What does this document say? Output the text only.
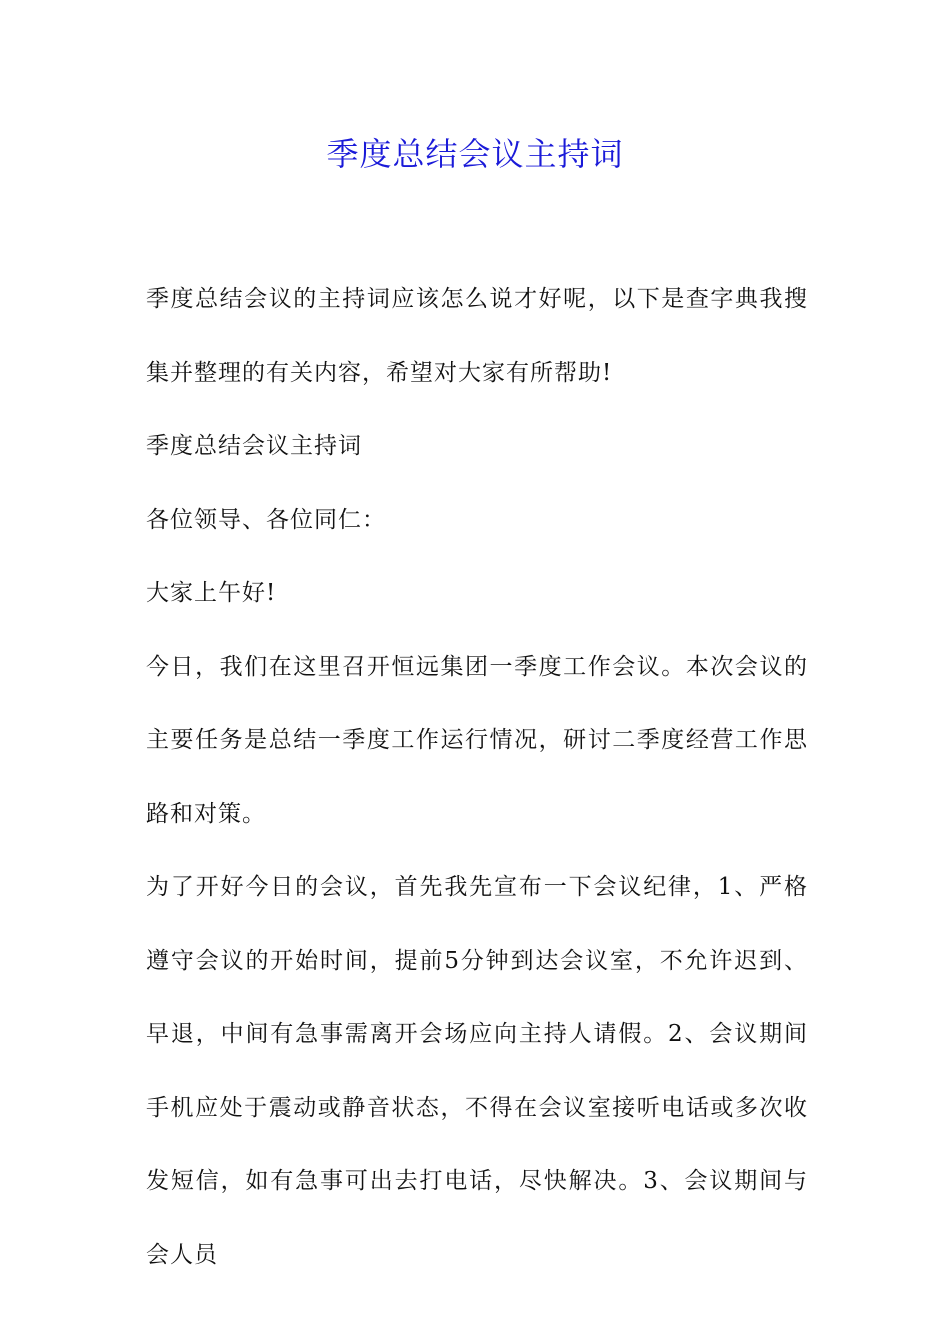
季度总结会议主持词

季度总结会议的主持词应该怎么说才好呢，以下是查字典我搜集并整理的有关内容，希望对大家有所帮助!

季度总结会议主持词

各位领导、各位同仁：

大家上午好!

今日，我们在这里召开恒远集团一季度工作会议。本次会议的主要任务是总结一季度工作运行情况，研讨二季度经营工作思路和对策。

为了开好今日的会议，首先我先宣布一下会议纪律，1、严格遵守会议的开始时间，提前5分钟到达会议室，不允许迟到、早退，中间有急事需离开会场应向主持人请假。2、会议期间手机应处于震动或静音状态，不得在会议室接听电话或多次收发短信，如有急事可出去打电话，尽快解决。3、会议期间与会人员
